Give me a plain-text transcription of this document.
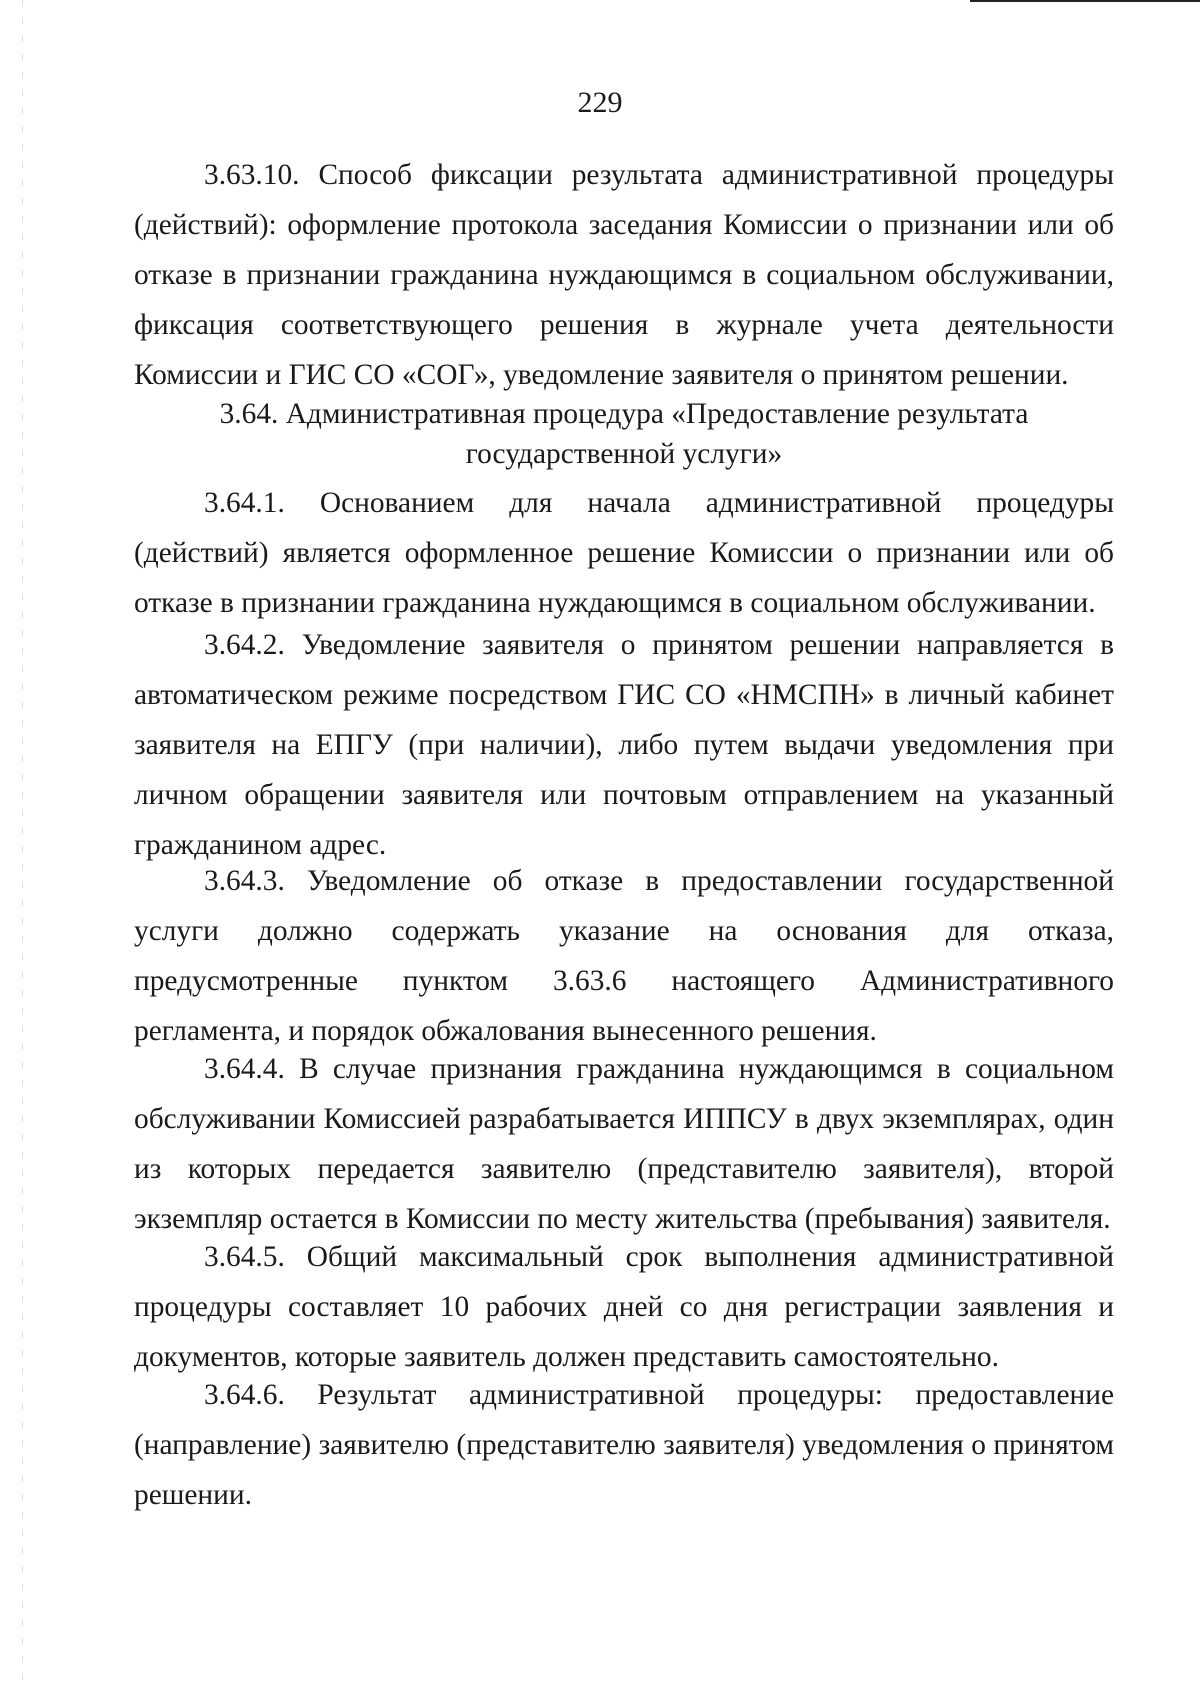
229

3.63.10. Способ фиксации результата административной процедуры (действий): оформление протокола заседания Комиссии о признании или об отказе в признании гражданина нуждающимся в социальном обслуживании, фиксация соответствующего решения в журнале учета деятельности Комиссии и ГИС СО «СОГ», уведомление заявителя о принятом решении.

3.64. Административная процедура «Предоставление результата

государственной услуги»

3.64.1. Основанием для начала административной процедуры (действий) является оформленное решение Комиссии о признании или об отказе в признании гражданина нуждающимся в социальном обслуживании.

3.64.2. Уведомление заявителя о принятом решении направляется в автоматическом режиме посредством ГИС СО «НМСПН» в личный кабинет заявителя на ЕПГУ (при наличии), либо путем выдачи уведомления при личном обращении заявителя или почтовым отправлением на указанный гражданином адрес.

3.64.3. Уведомление об отказе в предоставлении государственной услуги должно содержать указание на основания для отказа, предусмотренные пунктом 3.63.6 настоящего Административного регламента, и порядок обжалования вынесенного решения.

3.64.4. В случае признания гражданина нуждающимся в социальном обслуживании Комиссией разрабатывается ИППСУ в двух экземплярах, один из которых передается заявителю (представителю заявителя), второй экземпляр остается в Комиссии по месту жительства (пребывания) заявителя.

3.64.5. Общий максимальный срок выполнения административной процедуры составляет 10 рабочих дней со дня регистрации заявления и документов, которые заявитель должен представить самостоятельно.

3.64.6. Результат административной процедуры: предоставление (направление) заявителю (представителю заявителя) уведомления о принятом решении.
